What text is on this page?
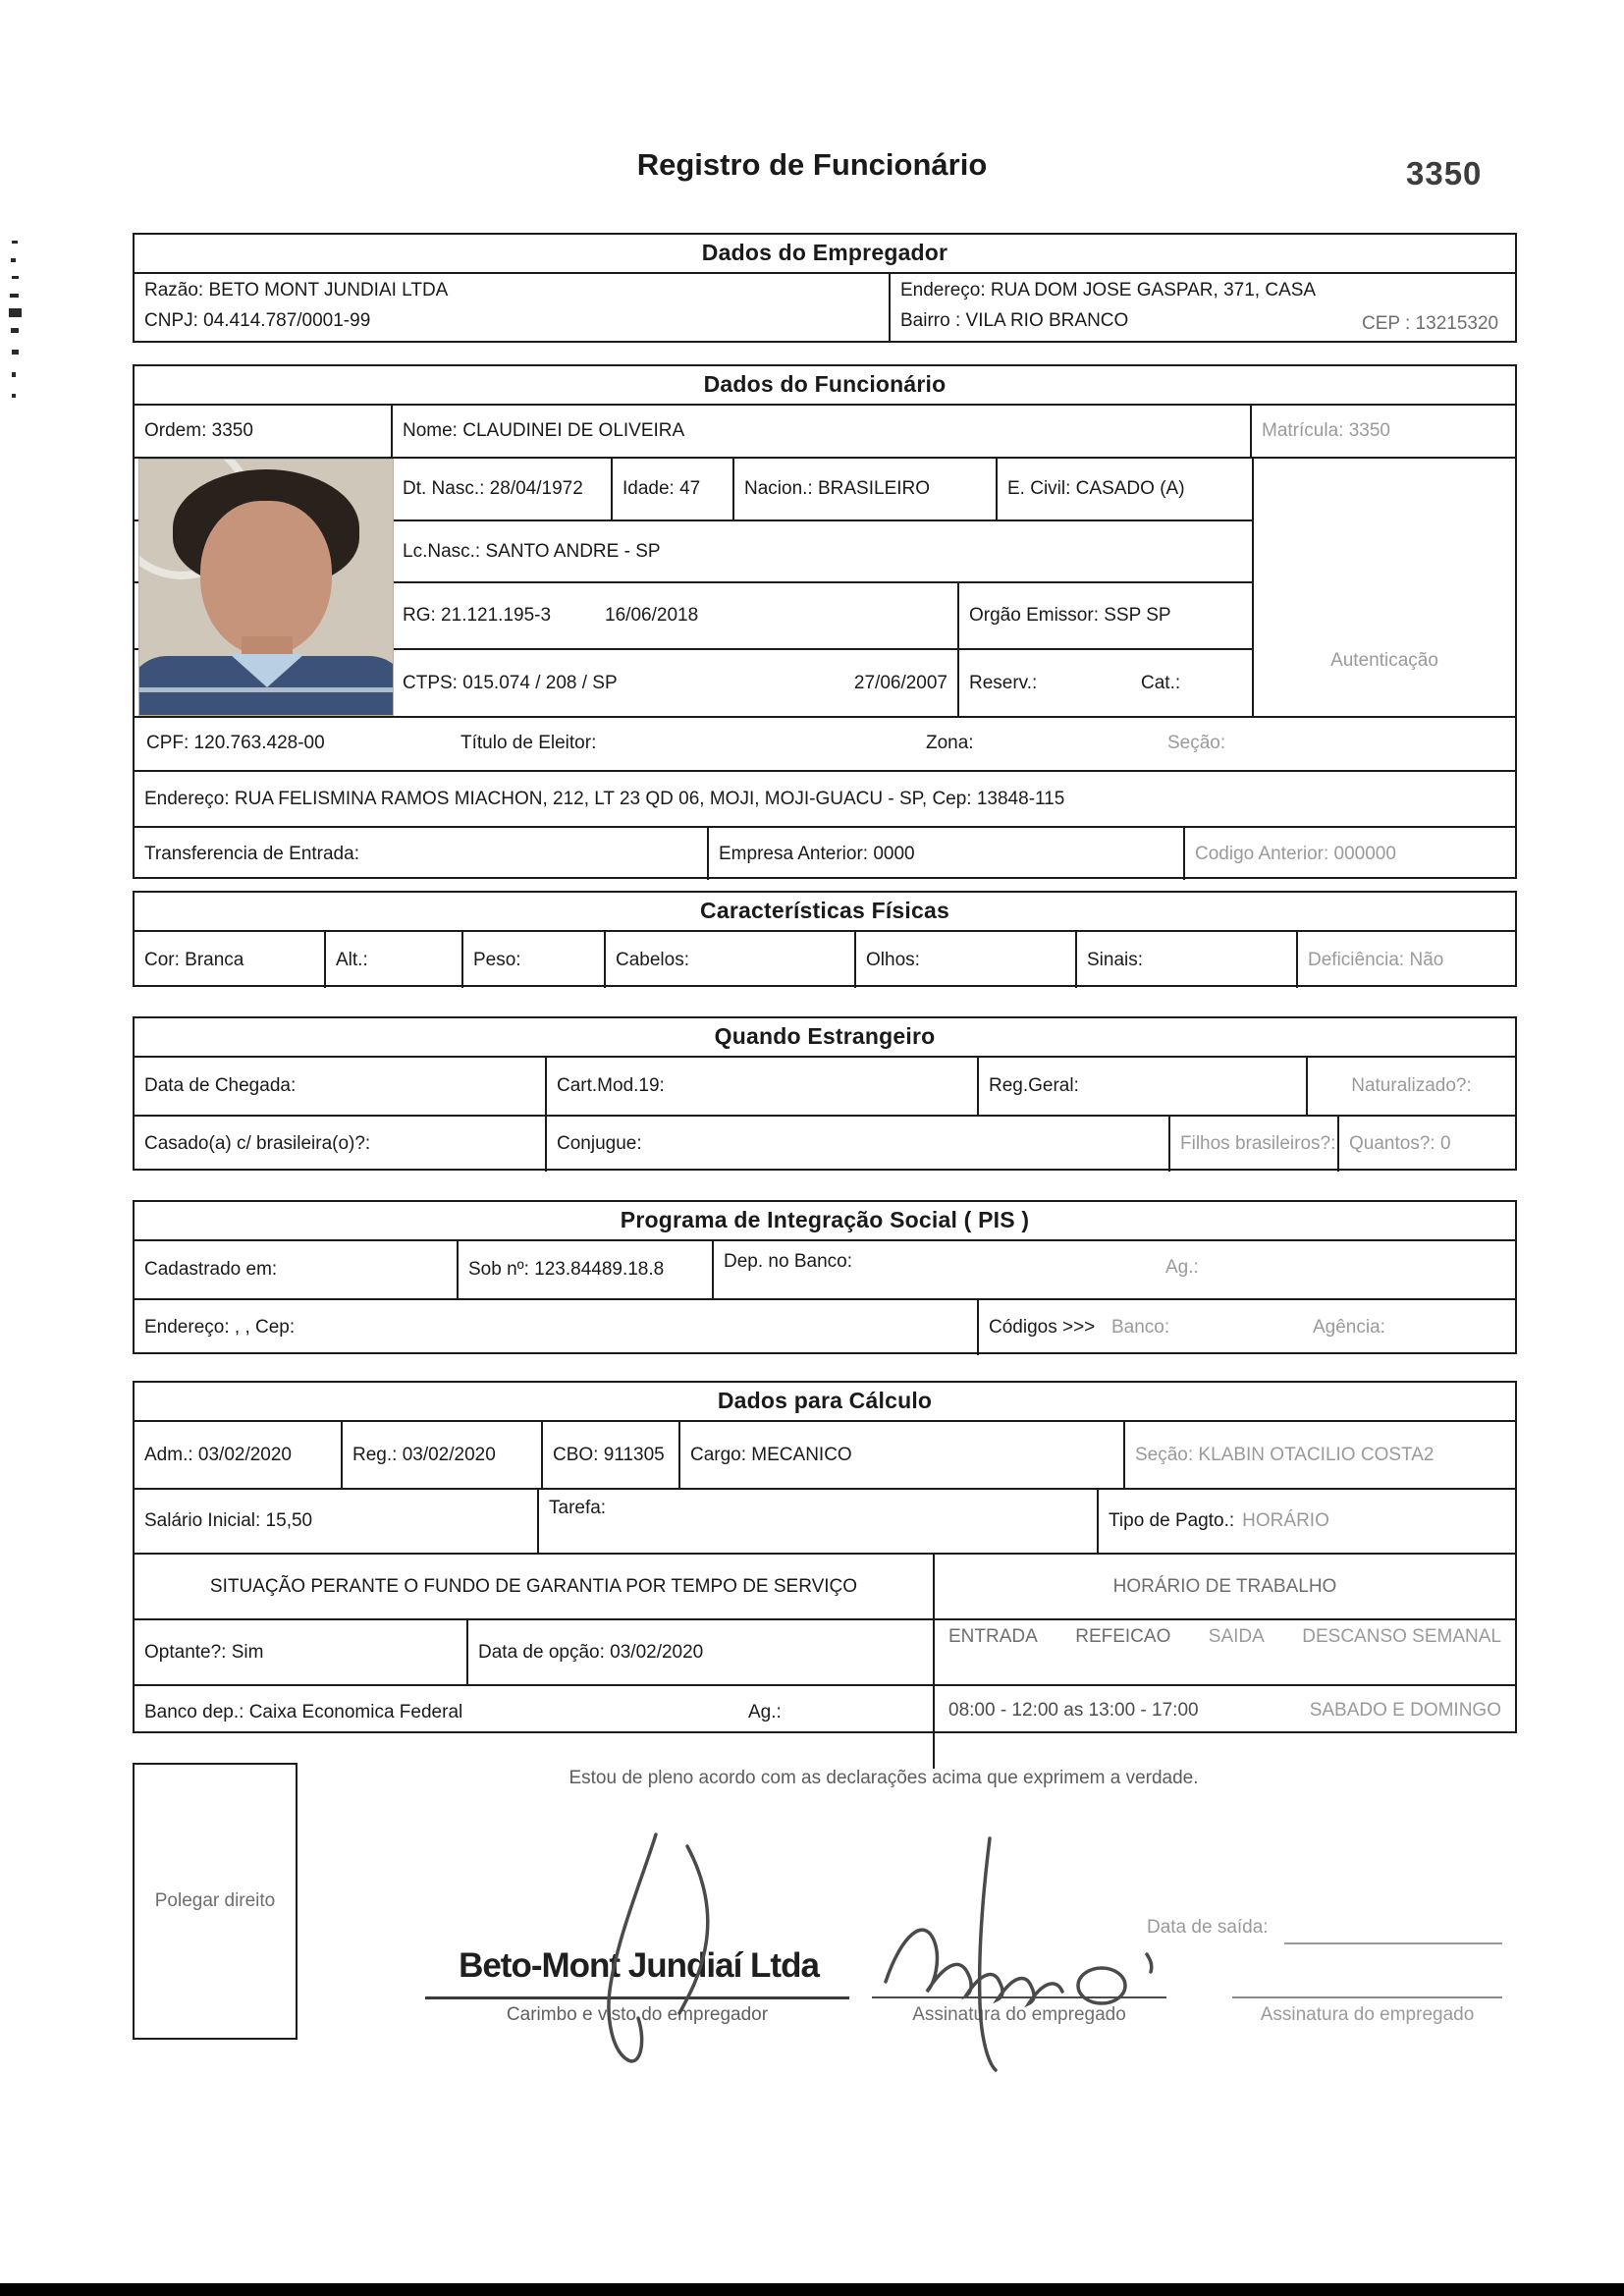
Registro de Funcionário	3350
Dados do Empregador
Razão: BETO MONT JUNDIAI LTDA
CNPJ: 04.414.787/0001-99
Endereço: RUA DOM JOSE GASPAR, 371, CASA
Bairro : VILA RIO BRANCO	CEP : 13215320
Dados do Funcionário
Ordem: 3350	Nome: CLAUDINEI DE OLIVEIRA	Matrícula: 3350
Dt. Nasc.: 28/04/1972	Idade: 47	Nacion.: BRASILEIRO	E. Civil: CASADO (A)
Lc.Nasc.: SANTO ANDRE - SP
RG: 21.121.195-3	16/06/2018	Orgão Emissor: SSP SP
CTPS: 015.074 / 208 / SP	27/06/2007 Reserv.:	Cat.:
Autenticação
CPF: 120.763.428-00	Título de Eleitor:	Zona:	Seção:
Endereço: RUA FELISMINA RAMOS MIACHON, 212, LT 23 QD 06, MOJI, MOJI-GUACU - SP, Cep: 13848-115
Transferencia de Entrada:	Empresa Anterior: 0000	Codigo Anterior: 000000
Características Físicas
Cor: Branca	Alt.:	Peso:	Cabelos:	Olhos:	Sinais:	Deficiência: Não
Quando Estrangeiro
Data de Chegada:	Cart.Mod.19:	Reg.Geral:	Naturalizado?:
Casado(a) c/ brasileira(o)?:	Conjugue:	Filhos brasileiros?: Quantos?: 0
Programa de Integração Social ( PIS )
Cadastrado em:	Sob nº: 123.84489.18.8	Dep. no Banco:	Ag.:
Endereço: , , Cep:	Códigos >>> Banco:	Agência:
Dados para Cálculo
Adm.: 03/02/2020	Reg.: 03/02/2020	CBO: 911305	Cargo: MECANICO	Seção: KLABIN OTACILIO COSTA2
Salário Inicial: 15,50
Tarefa:
Tipo de Pagto.: HORÁRIO
SITUAÇÃO PERANTE O FUNDO DE GARANTIA POR TEMPO DE SERVIÇO	HORÁRIO DE TRABALHO
Optante?: Sim	Data de opção: 03/02/2020
ENTRADA REFEICAO SAIDA DESCANSO SEMANAL
Banco dep.: Caixa Economica Federal	Ag.:	08:00 - 12:00 as 13:00 - 17:00	SABADO E DOMINGO
Polegar direito
Estou de pleno acordo com as declarações acima que exprimem a verdade.
Data de saída:
Beto-Mont Jundiaí Ltda
Carimbo e visto do empregador	Assinatura do empregado	Assinatura do empregado
